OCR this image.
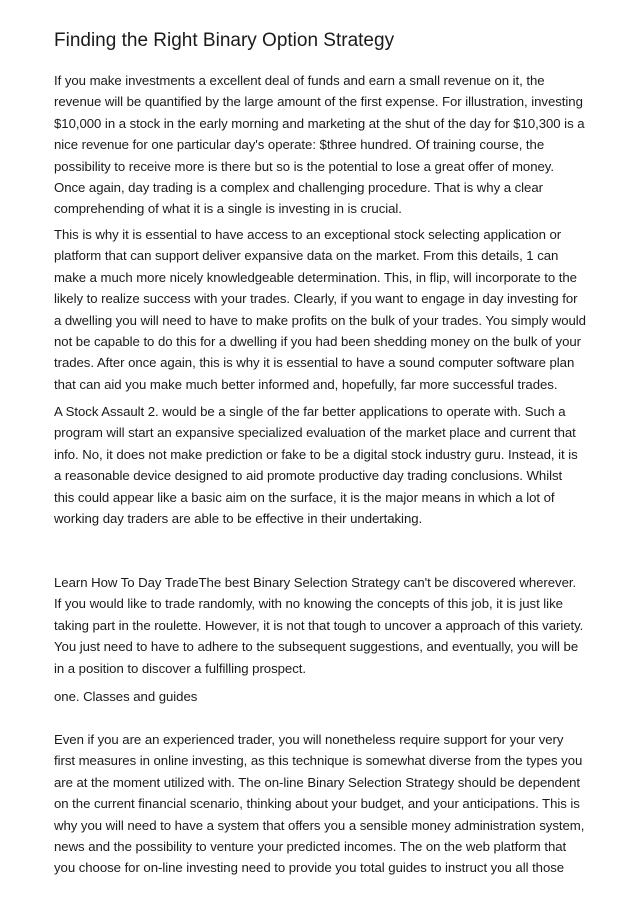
Finding the Right Binary Option Strategy

If you make investments a excellent deal of funds and earn a small revenue on it, the revenue will be quantified by the large amount of the first expense. For illustration, investing $10,000 in a stock in the early morning and marketing at the shut of the day for $10,300 is a nice revenue for one particular day's operate: $three hundred. Of training course, the possibility to receive more is there but so is the potential to lose a great offer of money. Once again, day trading is a complex and challenging procedure. That is why a clear comprehending of what it is a single is investing in is crucial.

This is why it is essential to have access to an exceptional stock selecting application or platform that can support deliver expansive data on the market. From this details, 1 can make a much more nicely knowledgeable determination. This, in flip, will incorporate to the likely to realize success with your trades. Clearly, if you want to engage in day investing for a dwelling you will need to have to make profits on the bulk of your trades. You simply would not be capable to do this for a dwelling if you had been shedding money on the bulk of your trades. After once again, this is why it is essential to have a sound computer software plan that can aid you make much better informed and, hopefully, far more successful trades.

A Stock Assault 2. would be a single of the far better applications to operate with. Such a program will start an expansive specialized evaluation of the market place and current that info. No, it does not make prediction or fake to be a digital stock industry guru. Instead, it is a reasonable device designed to aid promote productive day trading conclusions. Whilst this could appear like a basic aim on the surface, it is the major means in which a lot of working day traders are able to be effective in their undertaking.

Learn How To Day TradeThe best Binary Selection Strategy can't be discovered wherever. If you would like to trade randomly, with no knowing the concepts of this job, it is just like taking part in the roulette. However, it is not that tough to uncover a approach of this variety. You just need to have to adhere to the subsequent suggestions, and eventually, you will be in a position to discover a fulfilling prospect.

one. Classes and guides

Even if you are an experienced trader, you will nonetheless require support for your very first measures in online investing, as this technique is somewhat diverse from the types you are at the moment utilized with. The on-line Binary Selection Strategy should be dependent on the current financial scenario, thinking about your budget, and your anticipations. This is why you will need to have a system that offers you a sensible money administration system, news and the possibility to venture your predicted incomes. The on the web platform that you choose for on-line investing need to provide you total guides to instruct you all those
